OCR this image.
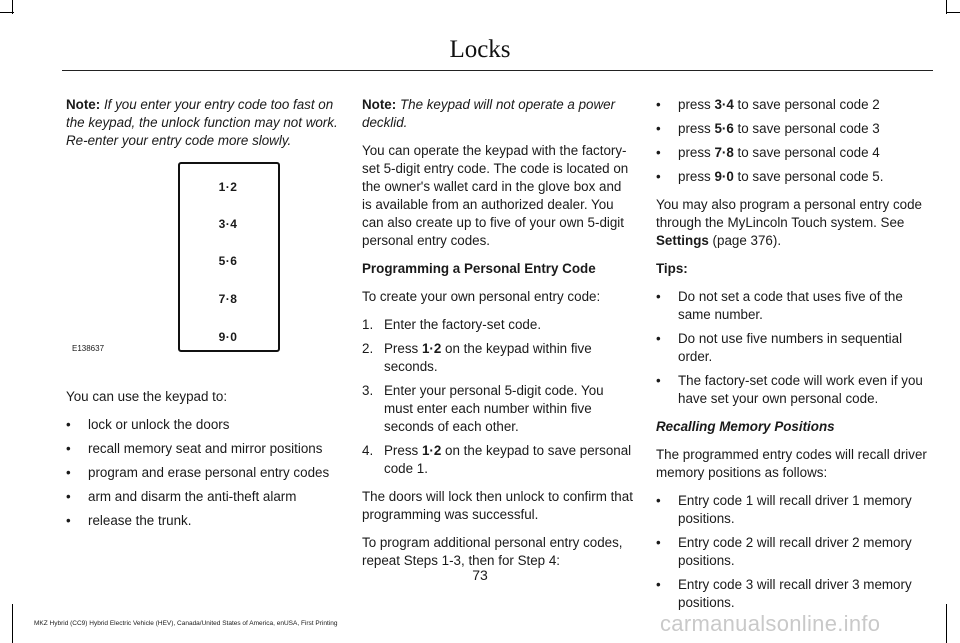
Locks

Note: If you enter your entry code too fast on the keypad, the unlock function may not work. Re-enter your entry code more slowly.

1·2
3·4
5·6
7·8
9·0
E138637

You can use the keypad to:

• lock or unlock the doors
• recall memory seat and mirror positions
• program and erase personal entry codes
• arm and disarm the anti-theft alarm
• release the trunk.

Note: The keypad will not operate a power decklid.

You can operate the keypad with the factory-set 5-digit entry code. The code is located on the owner's wallet card in the glove box and is available from an authorized dealer. You can also create up to five of your own 5-digit personal entry codes.

Programming a Personal Entry Code

To create your own personal entry code:

1. Enter the factory-set code.
2. Press 1·2 on the keypad within five seconds.
3. Enter your personal 5-digit code. You must enter each number within five seconds of each other.
4. Press 1·2 on the keypad to save personal code 1.

The doors will lock then unlock to confirm that programming was successful.

To program additional personal entry codes, repeat Steps 1-3, then for Step 4:

• press 3·4 to save personal code 2
• press 5·6 to save personal code 3
• press 7·8 to save personal code 4
• press 9·0 to save personal code 5.

You may also program a personal entry code through the MyLincoln Touch system. See Settings (page 376).

Tips:

• Do not set a code that uses five of the same number.
• Do not use five numbers in sequential order.
• The factory-set code will work even if you have set your own personal code.

Recalling Memory Positions

The programmed entry codes will recall driver memory positions as follows:

• Entry code 1 will recall driver 1 memory positions.
• Entry code 2 will recall driver 2 memory positions.
• Entry code 3 will recall driver 3 memory positions.
73
MKZ Hybrid (CC9) Hybrid Electric Vehicle (HEV), Canada/United States of America, enUSA, First Printing	carmanualsonline.info
